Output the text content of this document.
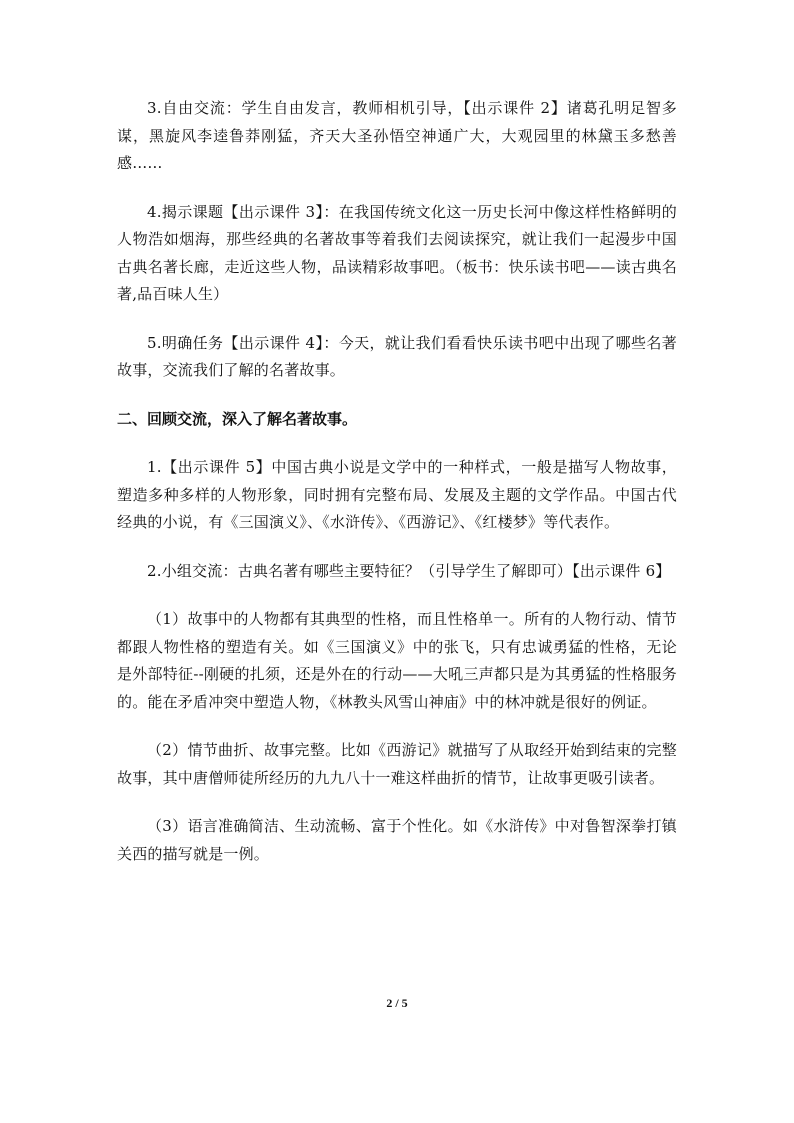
3.自由交流：学生自由发言，教师相机引导，【出示课件 2】诸葛孔明足智多谋，黑旋风李逵鲁莽刚猛，齐天大圣孙悟空神通广大，大观园里的林黛玉多愁善感……

4.揭示课题【出示课件 3】：在我国传统文化这一历史长河中像这样性格鲜明的人物浩如烟海，那些经典的名著故事等着我们去阅读探究，就让我们一起漫步中国古典名著长廊，走近这些人物，品读精彩故事吧。（板书：快乐读书吧——读古典名著,品百味人生）

5.明确任务【出示课件 4】：今天，就让我们看看快乐读书吧中出现了哪些名著故事，交流我们了解的名著故事。

二、回顾交流，深入了解名著故事。

1.【出示课件 5】中国古典小说是文学中的一种样式，一般是描写人物故事，塑造多种多样的人物形象，同时拥有完整布局、发展及主题的文学作品。中国古代经典的小说，有《三国演义》、《水浒传》、《西游记》、《红楼梦》等代表作。

2.小组交流：古典名著有哪些主要特征？（引导学生了解即可）【出示课件 6】

（1）故事中的人物都有其典型的性格，而且性格单一。所有的人物行动、情节都跟人物性格的塑造有关。如《三国演义》中的张飞，只有忠诚勇猛的性格，无论是外部特征--刚硬的扎须，还是外在的行动——大吼三声都只是为其勇猛的性格服务的。能在矛盾冲突中塑造人物，《林教头风雪山神庙》中的林冲就是很好的例证。

（2）情节曲折、故事完整。比如《西游记》就描写了从取经开始到结束的完整故事，其中唐僧师徒所经历的九九八十一难这样曲折的情节，让故事更吸引读者。

（3）语言准确简洁、生动流畅、富于个性化。如《水浒传》中对鲁智深拳打镇关西的描写就是一例。

2 / 5
